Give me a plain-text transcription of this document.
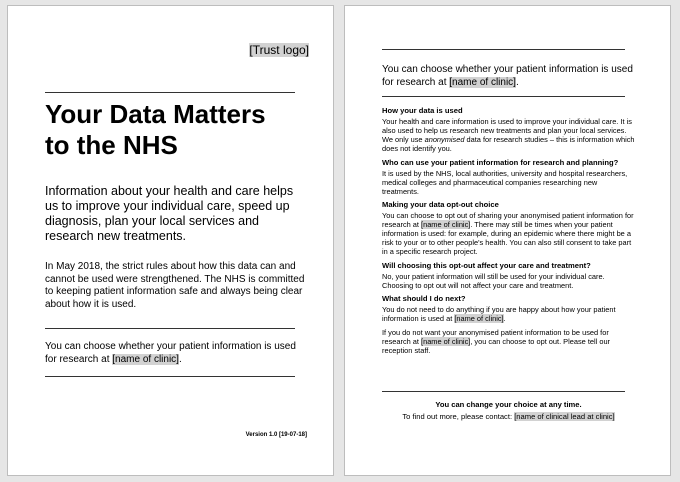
[Trust logo]
Your Data Matters
to the NHS
Information about your health and care helps us to improve your individual care, speed up diagnosis, plan your local services and research new treatments.
In May 2018, the strict rules about how this data can and cannot be used were strengthened. The NHS is committed to keeping patient information safe and always being clear about how it is used.
You can choose whether your patient information is used for research at [name of clinic].
Version 1.0 [19-07-18]
You can choose whether your patient information is used for research at [name of clinic].
How your data is used

Your health and care information is used to improve your individual care. It is also used to help us research new treatments and plan your local services. We only use anonymised data for research studies – this is information which does not identify you.

Who can use your patient information for research and planning?

It is used by the NHS, local authorities, university and hospital researchers, medical colleges and pharmaceutical companies researching new treatments.

Making your data opt-out choice

You can choose to opt out of sharing your anonymised patient information for research at [name of clinic]. There may still be times when your patient information is used: for example, during an epidemic where there might be a risk to your or to other people's health. You can also still consent to take part in a specific research project.

Will choosing this opt-out affect your care and treatment?

No, your patient information will still be used for your individual care. Choosing to opt out will not affect your care and treatment.

What should I do next?

You do not need to do anything if you are happy about how your patient information is used at [name of clinic].

If you do not want your anonymised patient information to be used for research at [name of clinic], you can choose to opt out. Please tell our reception staff.

You can change your choice at any time.
To find out more, please contact: [name of clinical lead at clinic]
